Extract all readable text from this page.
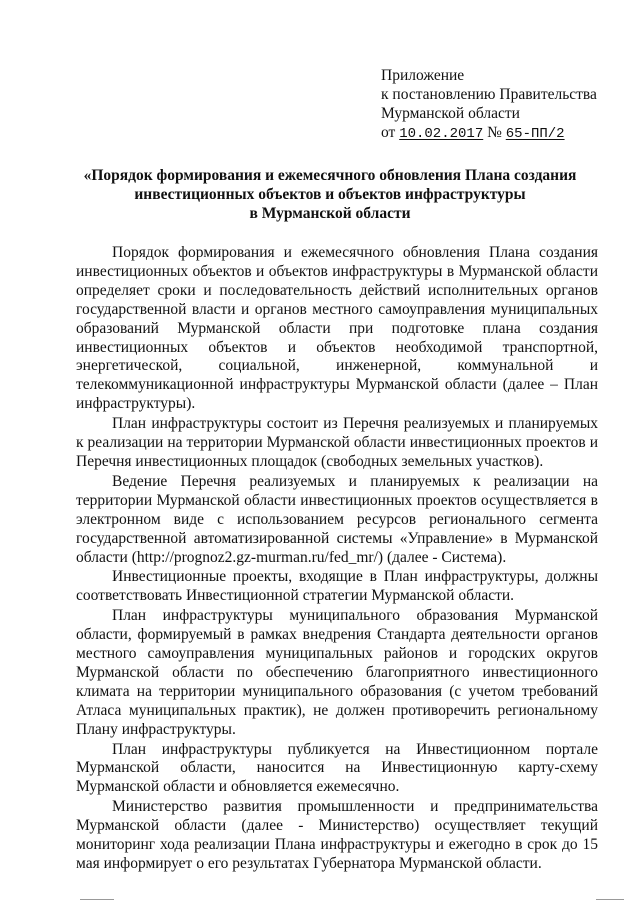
Приложение
к постановлению Правительства
Мурманской области
от 10.02.2017 № 65-ПП/2
«Порядок формирования и ежемесячного обновления Плана создания
инвестиционных объектов и объектов инфраструктуры
в Мурманской области

Порядок формирования и ежемесячного обновления Плана создания инвестиционных объектов и объектов инфраструктуры в Мурманской области определяет сроки и последовательность действий исполнительных органов государственной власти и органов местного самоуправления муниципальных образований Мурманской области при подготовке плана создания инвестиционных объектов и объектов необходимой транспортной, энергетической, социальной, инженерной, коммунальной и телекоммуникационной инфраструктуры Мурманской области (далее – План инфраструктуры).

План инфраструктуры состоит из Перечня реализуемых и планируемых к реализации на территории Мурманской области инвестиционных проектов и Перечня инвестиционных площадок (свободных земельных участков).

Ведение Перечня реализуемых и планируемых к реализации на территории Мурманской области инвестиционных проектов осуществляется в электронном виде с использованием ресурсов регионального сегмента государственной автоматизированной системы «Управление» в Мурманской области (http://prognoz2.gz-murman.ru/fed_mr/) (далее - Система).

Инвестиционные проекты, входящие в План инфраструктуры, должны соответствовать Инвестиционной стратегии Мурманской области.

План инфраструктуры муниципального образования Мурманской области, формируемый в рамках внедрения Стандарта деятельности органов местного самоуправления муниципальных районов и городских округов Мурманской области по обеспечению благоприятного инвестиционного климата на территории муниципального образования (с учетом требований Атласа муниципальных практик), не должен противоречить региональному Плану инфраструктуры.

План инфраструктуры публикуется на Инвестиционном портале Мурманской области, наносится на Инвестиционную карту-схему Мурманской области и обновляется ежемесячно.

Министерство развития промышленности и предпринимательства Мурманской области (далее - Министерство) осуществляет текущий мониторинг хода реализации Плана инфраструктуры и ежегодно в срок до 15 мая информирует о его результатах Губернатора Мурманской области.
